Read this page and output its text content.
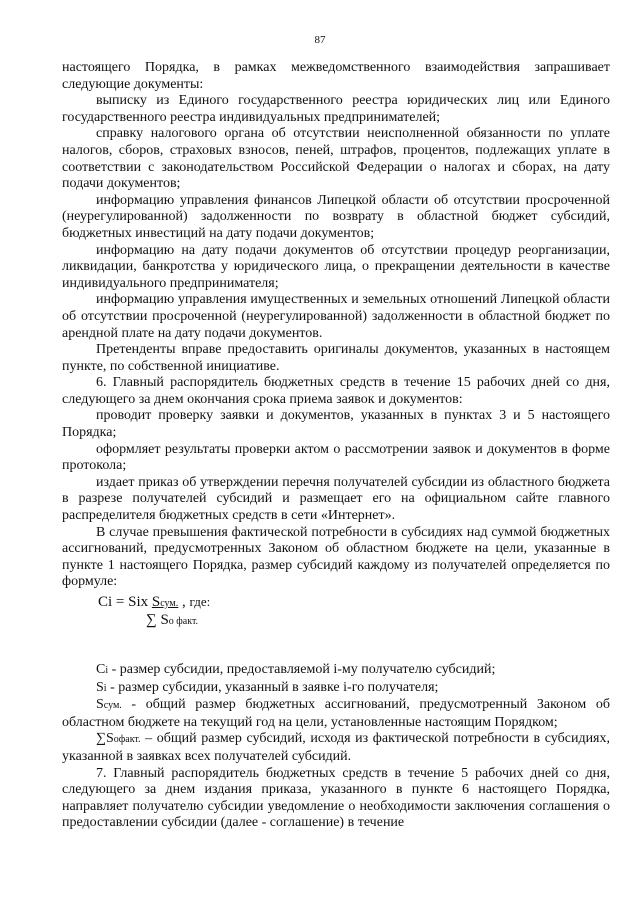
87

настоящего Порядка, в рамках межведомственного взаимодействия запрашивает следующие документы:

выписку из Единого государственного реестра юридических лиц или Единого государственного реестра индивидуальных предпринимателей;

справку налогового органа об отсутствии неисполненной обязанности по уплате налогов, сборов, страховых взносов, пеней, штрафов, процентов, подлежащих уплате в соответствии с законодательством Российской Федерации о налогах и сборах, на дату подачи документов;

информацию управления финансов Липецкой области об отсутствии просроченной (неурегулированной) задолженности по возврату в областной бюджет субсидий, бюджетных инвестиций на дату подачи документов;

информацию на дату подачи документов об отсутствии процедур реорганизации, ликвидации, банкротства у юридического лица, о прекращении деятельности в качестве индивидуального предпринимателя;

информацию управления имущественных и земельных отношений Липецкой области об отсутствии просроченной (неурегулированной) задолженности в областной бюджет по арендной плате на дату подачи документов.

Претенденты вправе предоставить оригиналы документов, указанных в настоящем пункте, по собственной инициативе.

6. Главный распорядитель бюджетных средств в течение 15 рабочих дней со дня, следующего за днем окончания срока приема заявок и документов:

проводит проверку заявки и документов, указанных в пунктах 3 и 5 настоящего Порядка;

оформляет результаты проверки актом о рассмотрении заявок и документов в форме протокола;

издает приказ об утверждении перечня получателей субсидии из областного бюджета в разрезе получателей субсидий и размещает его на официальном сайте главного распределителя бюджетных средств в сети «Интернет».

В случае превышения фактической потребности в субсидиях над суммой бюджетных ассигнований, предусмотренных Законом об областном бюджете на цели, указанные в пункте 1 настоящего Порядка, размер субсидий каждому из получателей определяется по формуле:

Ci = Six Sсум. , где:
∑ Sо факт.

Ci - размер субсидии, предоставляемой i-му получателю субсидий;

Si - размер субсидии, указанный в заявке i-го получателя;

Sсум. - общий размер бюджетных ассигнований, предусмотренный Законом об областном бюджете на текущий год на цели, установленные настоящим Порядком;

∑Sофакт. – общий размер субсидий, исходя из фактической потребности в субсидиях, указанной в заявках всех получателей субсидий.

7. Главный распорядитель бюджетных средств в течение 5 рабочих дней со дня, следующего за днем издания приказа, указанного в пункте 6 настоящего Порядка, направляет получателю субсидии уведомление о необходимости заключения соглашения о предоставлении субсидии (далее - соглашение) в течение
